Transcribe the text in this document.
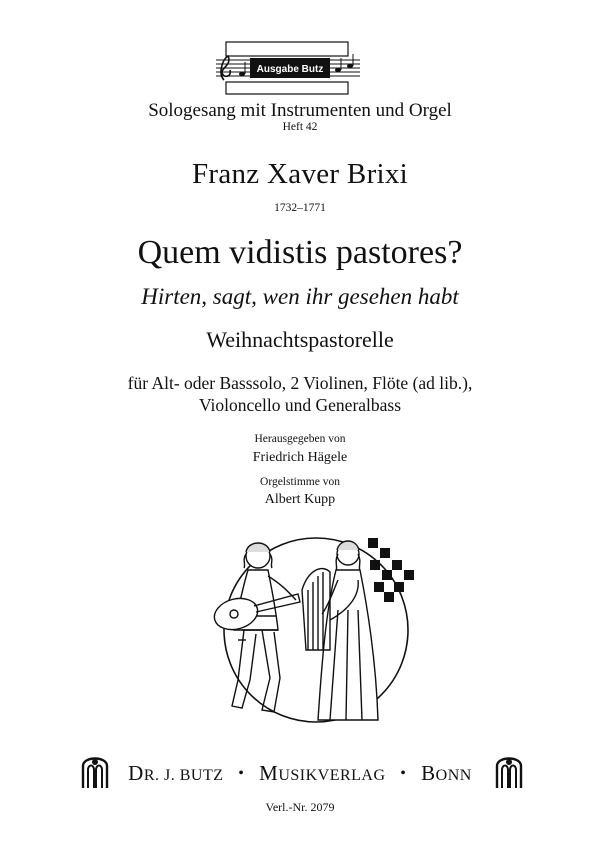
Ausgabe Butz
Sologesang mit Instrumenten und Orgel
Heft 42
Franz Xaver Brixi
1732–1771
Quem vidistis pastores?
Hirten, sagt, wen ihr gesehen habt
Weihnachtspastorelle
für Alt- oder Basssolo, 2 Violinen, Flöte (ad lib.),
Violoncello und Generalbass
Herausgegeben von
Friedrich Hägele
Orgelstimme von
Albert Kupp
DR. J. BUTZ • MUSIKVERLAG • BONN
Verl.-Nr. 2079
